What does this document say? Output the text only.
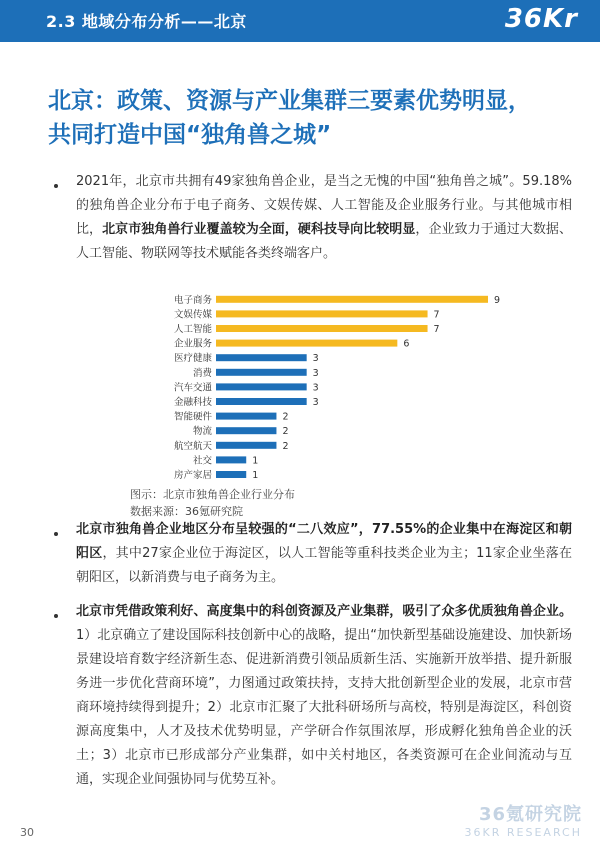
2.3 地域分布分析——北京	36Kr
北京：政策、资源与产业集群三要素优势明显，
共同打造中国“独角兽之城”
2021年，北京市共拥有49家独角兽企业，是当之无愧的中国“独角兽之城”。59.18%的独角兽企业分布于电子商务、文娱传媒、人工智能及企业服务行业。与其他城市相比，北京市独角兽行业覆盖较为全面，硬科技导向比较明显，企业致力于通过大数据、人工智能、物联网等技术赋能各类终端客户。
电子商务	9
文娱传媒	7
人工智能	7
企业服务	6
医疗健康	3
消费	3
汽车交通	3
金融科技	3
智能硬件	2
物流	2
航空航天	2
社交	1
房产家居	1
图示：北京市独角兽企业行业分布
数据来源：36氪研究院
北京市独角兽企业地区分布呈较强的“二八效应”，77.55%的企业集中在海淀区和朝阳区，其中27家企业位于海淀区，以人工智能等重科技类企业为主；11家企业坐落在朝阳区，以新消费与电子商务为主。
北京市凭借政策利好、高度集中的科创资源及产业集群，吸引了众多优质独角兽企业。1）北京确立了建设国际科技创新中心的战略，提出“加快新型基础设施建设、加快新场景建设培育数字经济新生态、促进新消费引领品质新生活、实施新开放举措、提升新服务进一步优化营商环境”，力图通过政策扶持，支持大批创新型企业的发展，北京市营商环境持续得到提升；2）北京市汇聚了大批科研场所与高校，特别是海淀区，科创资源高度集中，人才及技术优势明显，产学研合作氛围浓厚，形成孵化独角兽企业的沃土；3）北京市已形成部分产业集群，如中关村地区，各类资源可在企业间流动与互通，实现企业间强协同与优势互补。
30
36氪研究院
36KR RESEARCH
